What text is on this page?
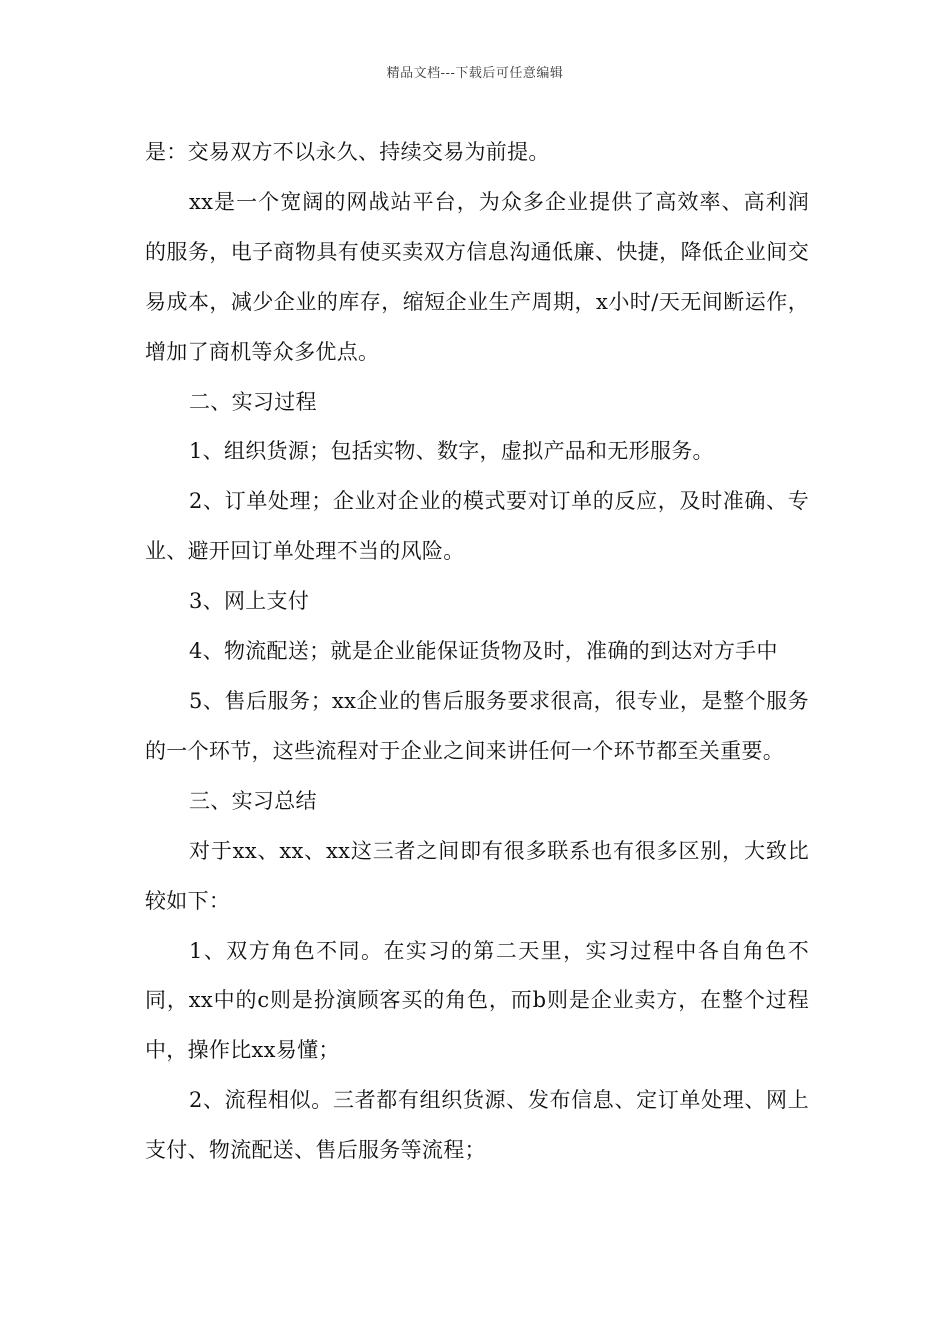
精品文档---下载后可任意编辑

是：交易双方不以永久、持续交易为前提。

xx是一个宽阔的网战站平台，为众多企业提供了高效率、高利润的服务，电子商物具有使买卖双方信息沟通低廉、快捷，降低企业间交易成本，减少企业的库存，缩短企业生产周期，x小时/天无间断运作，增加了商机等众多优点。

二、实习过程

1、组织货源；包括实物、数字，虚拟产品和无形服务。

2、订单处理；企业对企业的模式要对订单的反应，及时准确、专业、避开回订单处理不当的风险。

3、网上支付

4、物流配送；就是企业能保证货物及时，准确的到达对方手中

5、售后服务；xx企业的售后服务要求很高，很专业，是整个服务的一个环节，这些流程对于企业之间来讲任何一个环节都至关重要。

三、实习总结

对于xx、xx、xx这三者之间即有很多联系也有很多区别，大致比较如下：

1、双方角色不同。在实习的第二天里，实习过程中各自角色不同，xx中的c则是扮演顾客买的角色，而b则是企业卖方，在整个过程中，操作比xx易懂；

2、流程相似。三者都有组织货源、发布信息、定订单处理、网上支付、物流配送、售后服务等流程；
